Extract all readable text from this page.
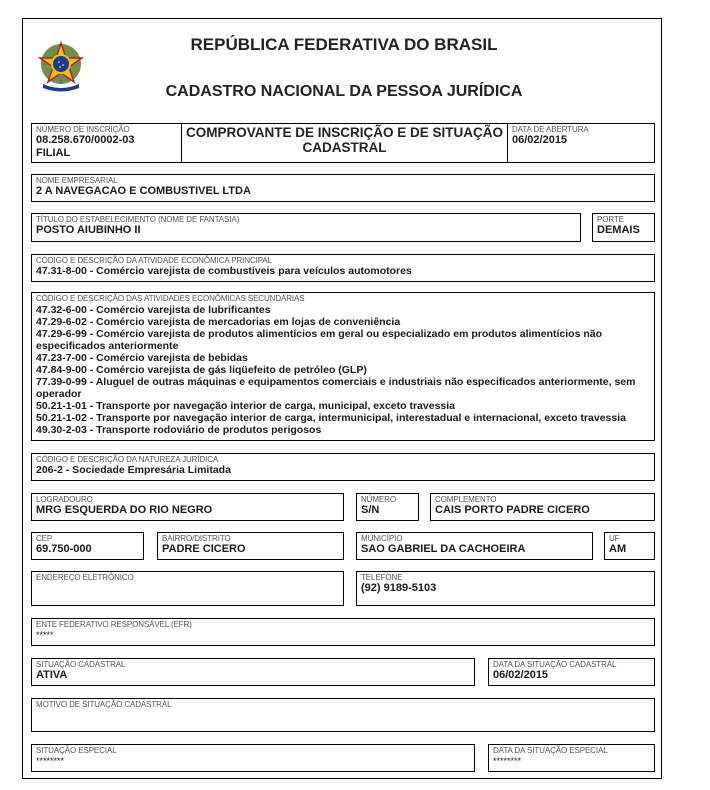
REPÚBLICA FEDERATIVA DO BRASIL
CADASTRO NACIONAL DA PESSOA JURÍDICA
NÚMERO DE INSCRIÇÃO
08.258.670/0002-03
FILIAL
COMPROVANTE DE INSCRIÇÃO E DE SITUAÇÃO
CADASTRAL
DATA DE ABERTURA
06/02/2015
NOME EMPRESARIAL
2 A NAVEGACAO E COMBUSTIVEL LTDA
TÍTULO DO ESTABELECIMENTO (NOME DE FANTASIA)
POSTO AIUBINHO II
PORTE
DEMAIS
CÓDIGO E DESCRIÇÃO DA ATIVIDADE ECONÔMICA PRINCIPAL
47.31-8-00 - Comércio varejista de combustíveis para veículos automotores
CÓDIGO E DESCRIÇÃO DAS ATIVIDADES ECONÔMICAS SECUNDÁRIAS
47.32-6-00 - Comércio varejista de lubrificantes
47.29-6-02 - Comércio varejista de mercadorias em lojas de conveniência
47.29-6-99 - Comércio varejista de produtos alimentícios em geral ou especializado em produtos alimentícios não especificados anteriormente
47.23-7-00 - Comércio varejista de bebidas
47.84-9-00 - Comércio varejista de gás liqüefeito de petróleo (GLP)
77.39-0-99 - Aluguel de outras máquinas e equipamentos comerciais e industriais não especificados anteriormente, sem operador
50.21-1-01 - Transporte por navegação interior de carga, municipal, exceto travessia
50.21-1-02 - Transporte por navegação interior de carga, intermunicipal, interestadual e internacional, exceto travessia
49.30-2-03 - Transporte rodoviário de produtos perigosos
CÓDIGO E DESCRIÇÃO DA NATUREZA JURÍDICA
206-2 - Sociedade Empresária Limitada
LOGRADOURO
MRG ESQUERDA DO RIO NEGRO
NÚMERO
S/N
COMPLEMENTO
CAIS PORTO PADRE CICERO
CEP
69.750-000
BAIRRO/DISTRITO
PADRE CICERO
MUNICÍPIO
SAO GABRIEL DA CACHOEIRA
UF
AM
ENDEREÇO ELETRÔNICO	TELEFONE
(92) 9189-5103
ENTE FEDERATIVO RESPONSÁVEL (EFR)
*****
SITUAÇÃO CADASTRAL
ATIVA
DATA DA SITUAÇÃO CADASTRAL
06/02/2015
MOTIVO DE SITUAÇÃO CADASTRAL
SITUAÇÃO ESPECIAL
********
DATA DA SITUAÇÃO ESPECIAL
********
